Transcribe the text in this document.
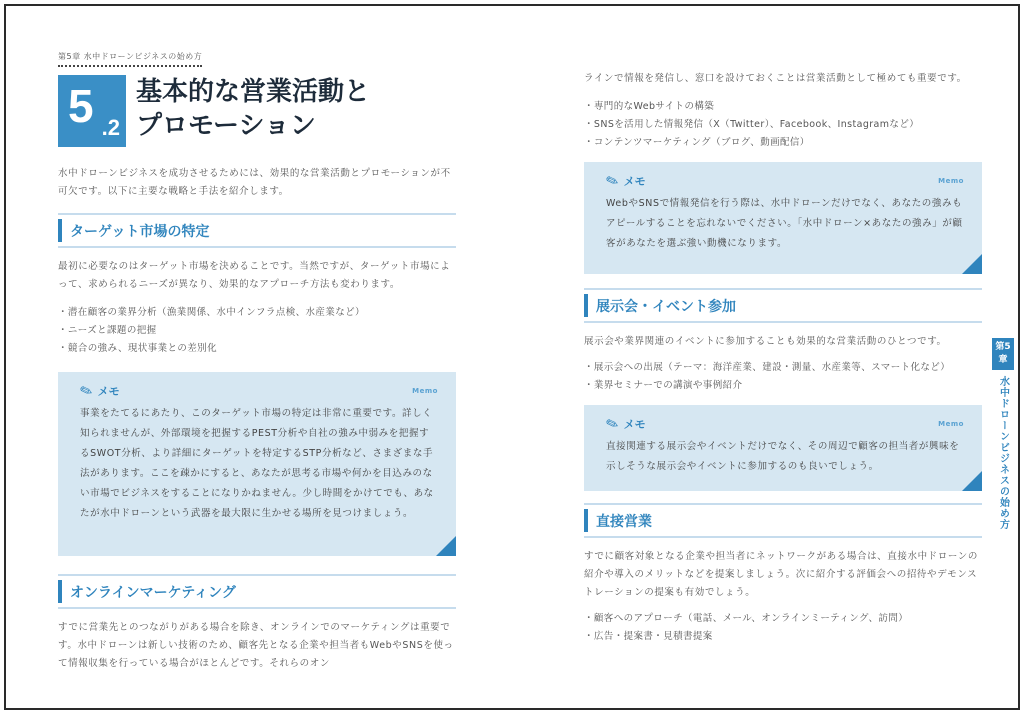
第5章 水中ドローンビジネスの始め方
5 .2
基本的な営業活動と
プロモーション

水中ドローンビジネスを成功させるためには、効果的な営業活動とプロモーションが不可欠です。以下に主要な戦略と手法を紹介します。

ターゲット市場の特定

最初に必要なのはターゲット市場を決めることです。当然ですが、ターゲット市場によって、求められるニーズが異なり、効果的なアプローチ方法も変わります。

・潜在顧客の業界分析（漁業関係、水中インフラ点検、水産業など）
・ニーズと課題の把握
・競合の強み、現状事業との差別化
✎ メモ	Memo

事業をたてるにあたり、このターゲット市場の特定は非常に重要です。詳しく知られませんが、外部環境を把握するPEST分析や自社の強み中弱みを把握するSWOT分析、より詳細にターゲットを特定するSTP分析など、さまざまな手法があります。ここを疎かにすると、あなたが思考る市場や何かを目込みのない市場でビジネスをすることになりかねません。少し時間をかけてでも、あなたが水中ドローンという武器を最大限に生かせる場所を見つけましょう。

オンラインマーケティング

すでに営業先とのつながりがある場合を除き、オンラインでのマーケティングは重要です。水中ドローンは新しい技術のため、顧客先となる企業や担当者もWebやSNSを使って情報収集を行っている場合がほとんどです。それらのオン

ラインで情報を発信し、窓口を設けておくことは営業活動として極めても重要です。

・専門的なWebサイトの構築
・SNSを活用した情報発信（X（Twitter）、Facebook、Instagramなど）
・コンテンツマーケティング（ブログ、動画配信）
✎ メモ	Memo

WebやSNSで情報発信を行う際は、水中ドローンだけでなく、あなたの強みもアピールすることを忘れないでください。「水中ドローン×あなたの強み」が顧客があなたを選ぶ強い動機になります。

展示会・イベント参加

展示会や業界関連のイベントに参加することも効果的な営業活動のひとつです。

・展示会への出展（テーマ：海洋産業、建設・測量、水産業等、スマート化など）
・業界セミナーでの講演や事例紹介
✎ メモ	Memo

直接関連する展示会やイベントだけでなく、その周辺で顧客の担当者が興味を示しそうな展示会やイベントに参加するのも良いでしょう。

直接営業

すでに顧客対象となる企業や担当者にネットワークがある場合は、直接水中ドローンの紹介や導入のメリットなどを提案しましょう。次に紹介する評価会への招待やデモンストレーションの提案も有効でしょう。

・顧客へのアプローチ（電話、メール、オンラインミーティング、訪問）
・広告・提案書・見積書提案
第5章
水中ドローンビジネスの始め方
